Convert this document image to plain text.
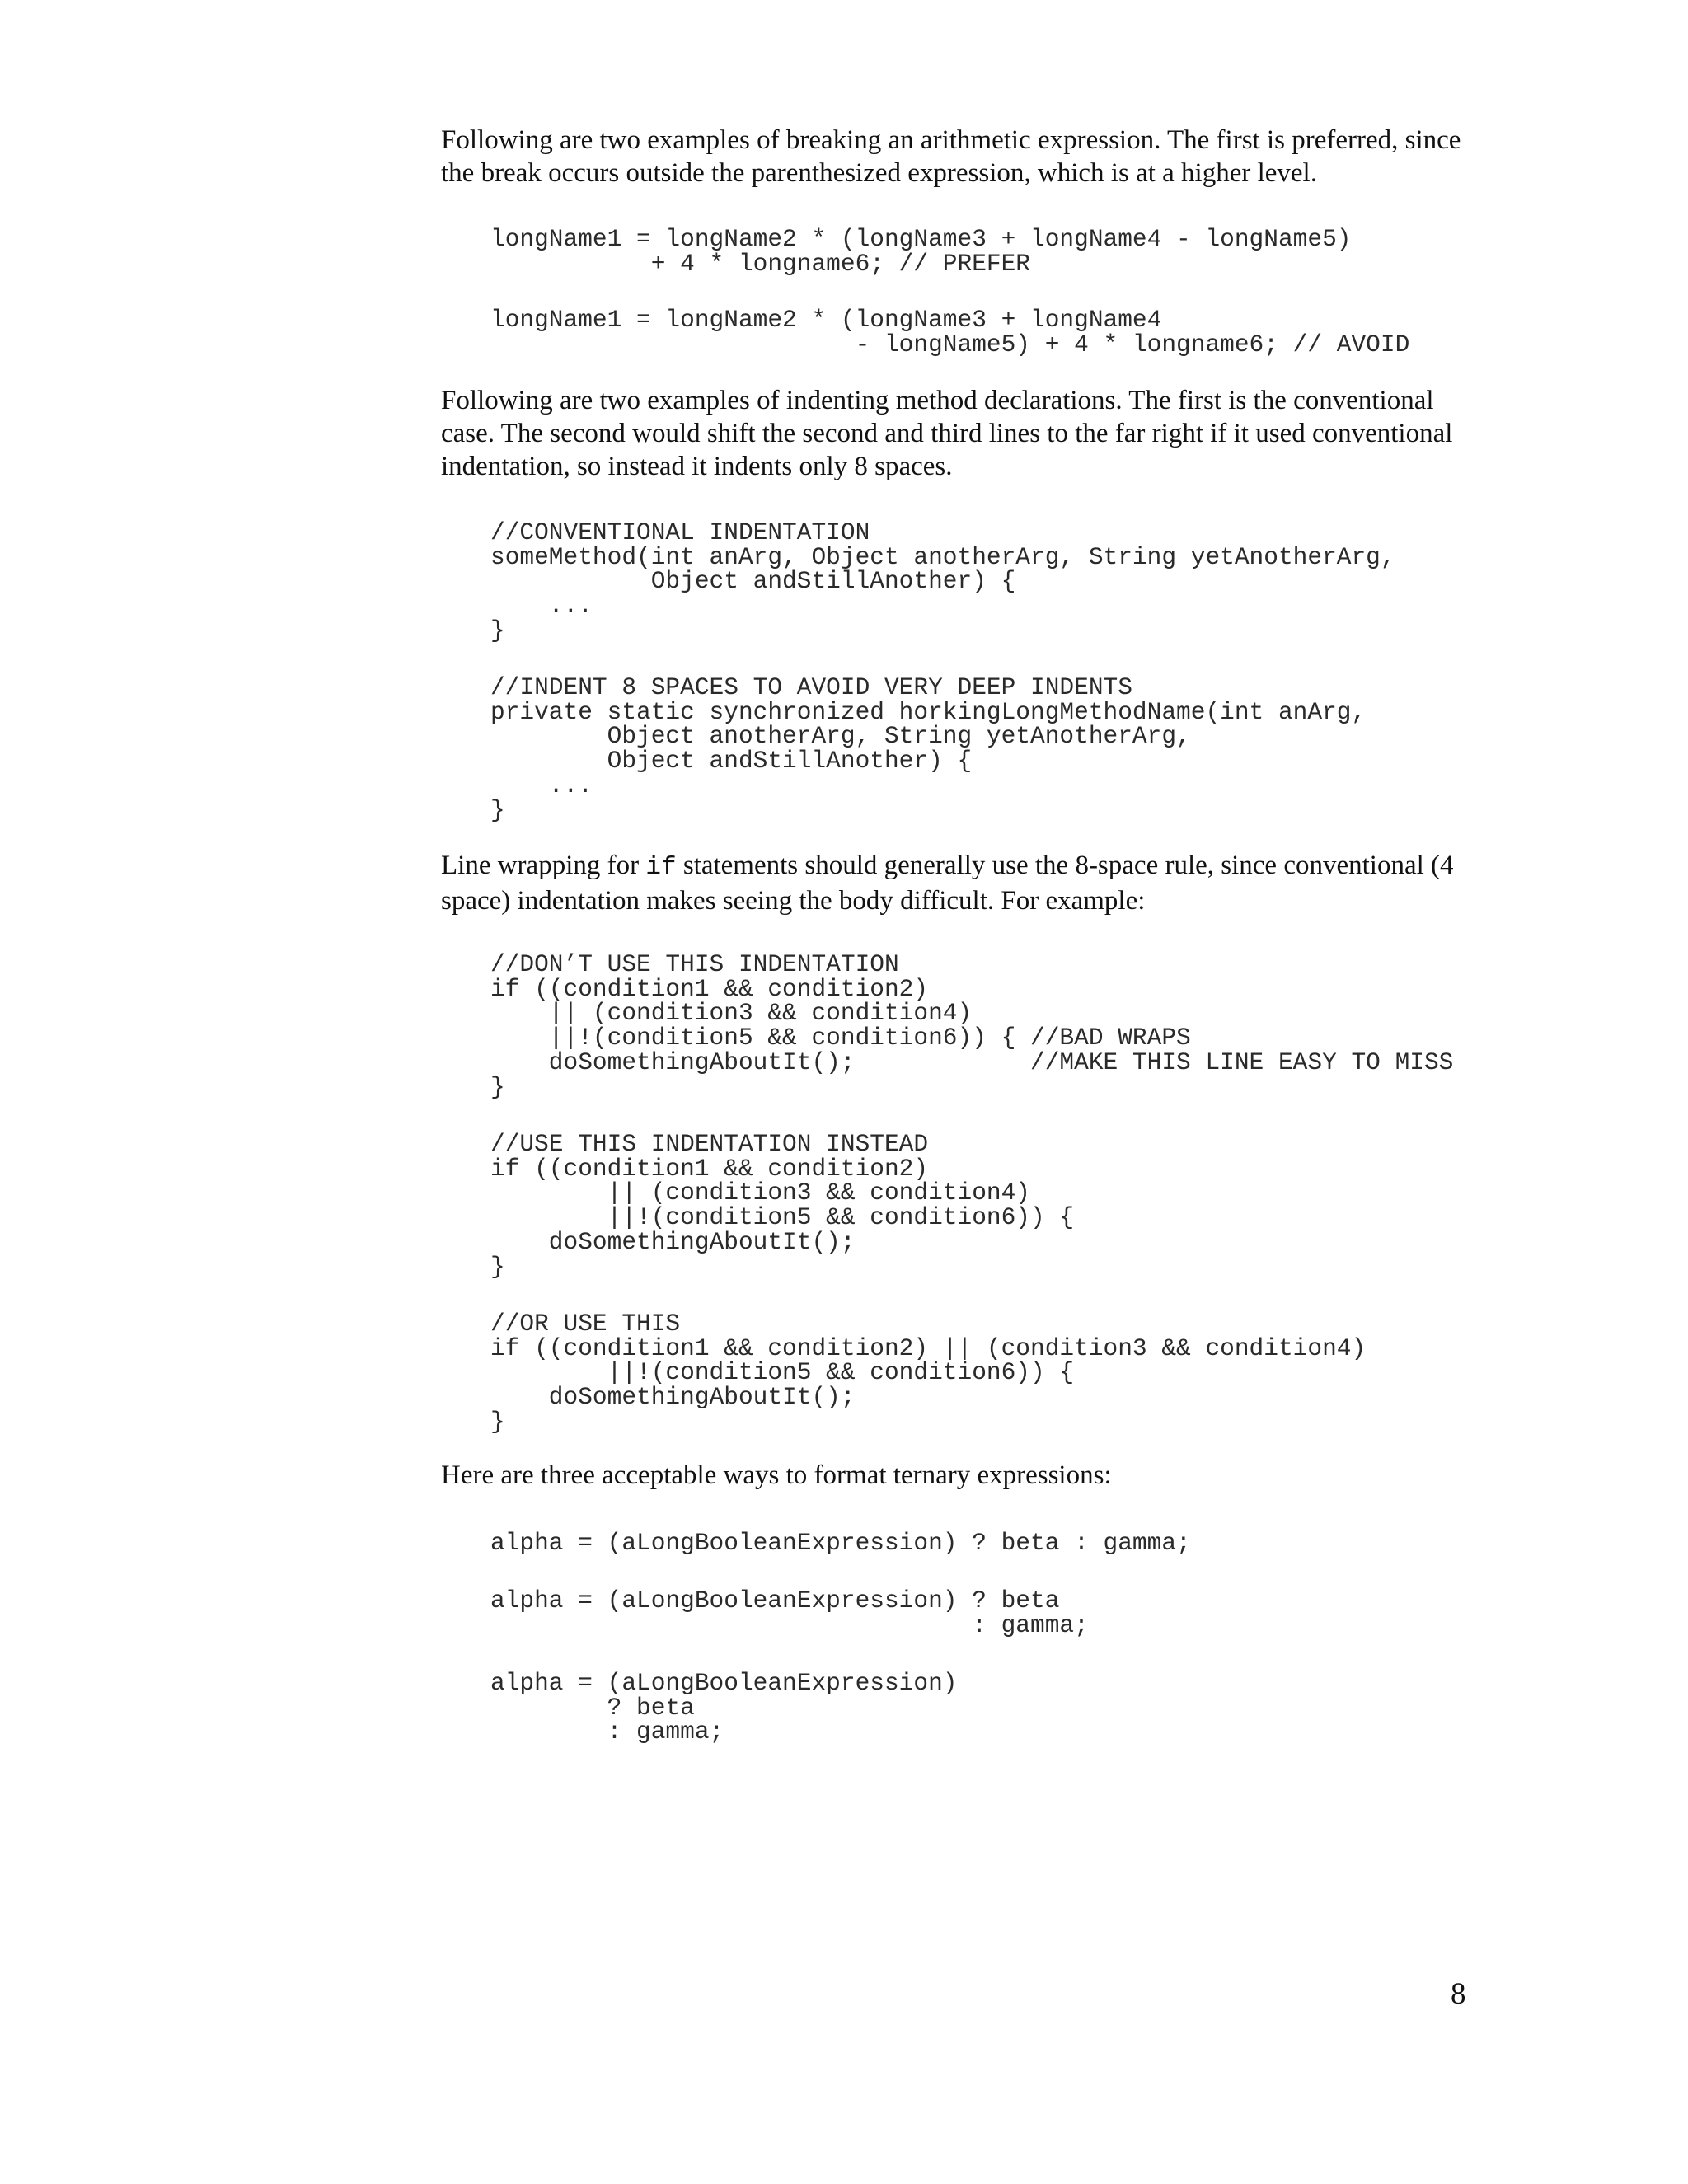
Following are two examples of breaking an arithmetic expression. The first is preferred, since the break occurs outside the parenthesized expression, which is at a higher level.

longName1 = longName2 * (longName3 + longName4 - longName5)
+ 4 * longname6; // PREFER
longName1 = longName2 * (longName3 + longName4
- longName5) + 4 * longname6; // AVOID

Following are two examples of indenting method declarations. The first is the conventional case. The second would shift the second and third lines to the far right if it used conventional indentation, so instead it indents only 8 spaces.

//CONVENTIONAL INDENTATION
someMethod(int anArg, Object anotherArg, String yetAnotherArg,
Object andStillAnother) {
...
}
//INDENT 8 SPACES TO AVOID VERY DEEP INDENTS
private static synchronized horkingLongMethodName(int anArg,
Object anotherArg, String yetAnotherArg,
Object andStillAnother) {
...
}

Line wrapping for if statements should generally use the 8-space rule, since conventional (4 space) indentation makes seeing the body difficult. For example:

//DON’T USE THIS INDENTATION
if ((condition1 && condition2)
|| (condition3 && condition4)
||!(condition5 && condition6)) { //BAD WRAPS
doSomethingAboutIt();            //MAKE THIS LINE EASY TO MISS
}
//USE THIS INDENTATION INSTEAD
if ((condition1 && condition2)
|| (condition3 && condition4)
||!(condition5 && condition6)) {
doSomethingAboutIt();
}
//OR USE THIS
if ((condition1 && condition2) || (condition3 && condition4)
||!(condition5 && condition6)) {
doSomethingAboutIt();
}

Here are three acceptable ways to format ternary expressions:

alpha = (aLongBooleanExpression) ? beta : gamma;
alpha = (aLongBooleanExpression) ? beta
: gamma;
alpha = (aLongBooleanExpression)
? beta
: gamma;
8
